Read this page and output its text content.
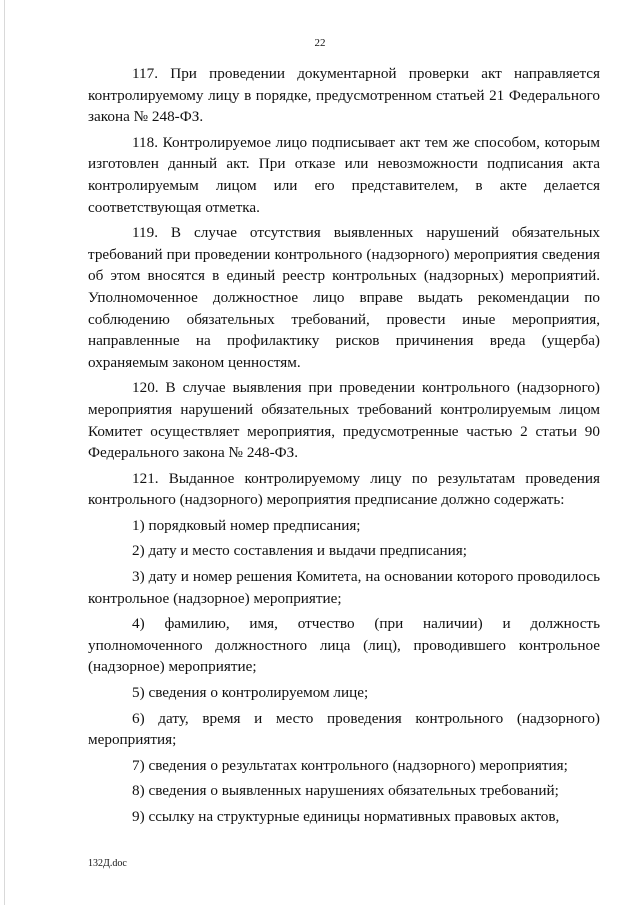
22

117. При проведении документарной проверки акт направляется контролируемому лицу в порядке, предусмотренном статьей 21 Федерального закона № 248-ФЗ.

118. Контролируемое лицо подписывает акт тем же способом, которым изготовлен данный акт. При отказе или невозможности подписания акта контролируемым лицом или его представителем, в акте делается соответствующая отметка.

119. В случае отсутствия выявленных нарушений обязательных требований при проведении контрольного (надзорного) мероприятия сведения об этом вносятся в единый реестр контрольных (надзорных) мероприятий. Уполномоченное должностное лицо вправе выдать рекомендации по соблюдению обязательных требований, провести иные мероприятия, направленные на профилактику рисков причинения вреда (ущерба) охраняемым законом ценностям.

120. В случае выявления при проведении контрольного (надзорного) мероприятия нарушений обязательных требований контролируемым лицом Комитет осуществляет мероприятия, предусмотренные частью 2 статьи 90 Федерального закона № 248-ФЗ.

121. Выданное контролируемому лицу по результатам проведения контрольного (надзорного) мероприятия предписание должно содержать:

1) порядковый номер предписания;

2) дату и место составления и выдачи предписания;

3) дату и номер решения Комитета, на основании которого проводилось контрольное (надзорное) мероприятие;

4) фамилию, имя, отчество (при наличии) и должность уполномоченного должностного лица (лиц), проводившего контрольное (надзорное) мероприятие;

5) сведения о контролируемом лице;

6) дату, время и место проведения контрольного (надзорного) мероприятия;

7) сведения о результатах контрольного (надзорного) мероприятия;

8) сведения о выявленных нарушениях обязательных требований;

9) ссылку на структурные единицы нормативных правовых актов,

132Д.doc
